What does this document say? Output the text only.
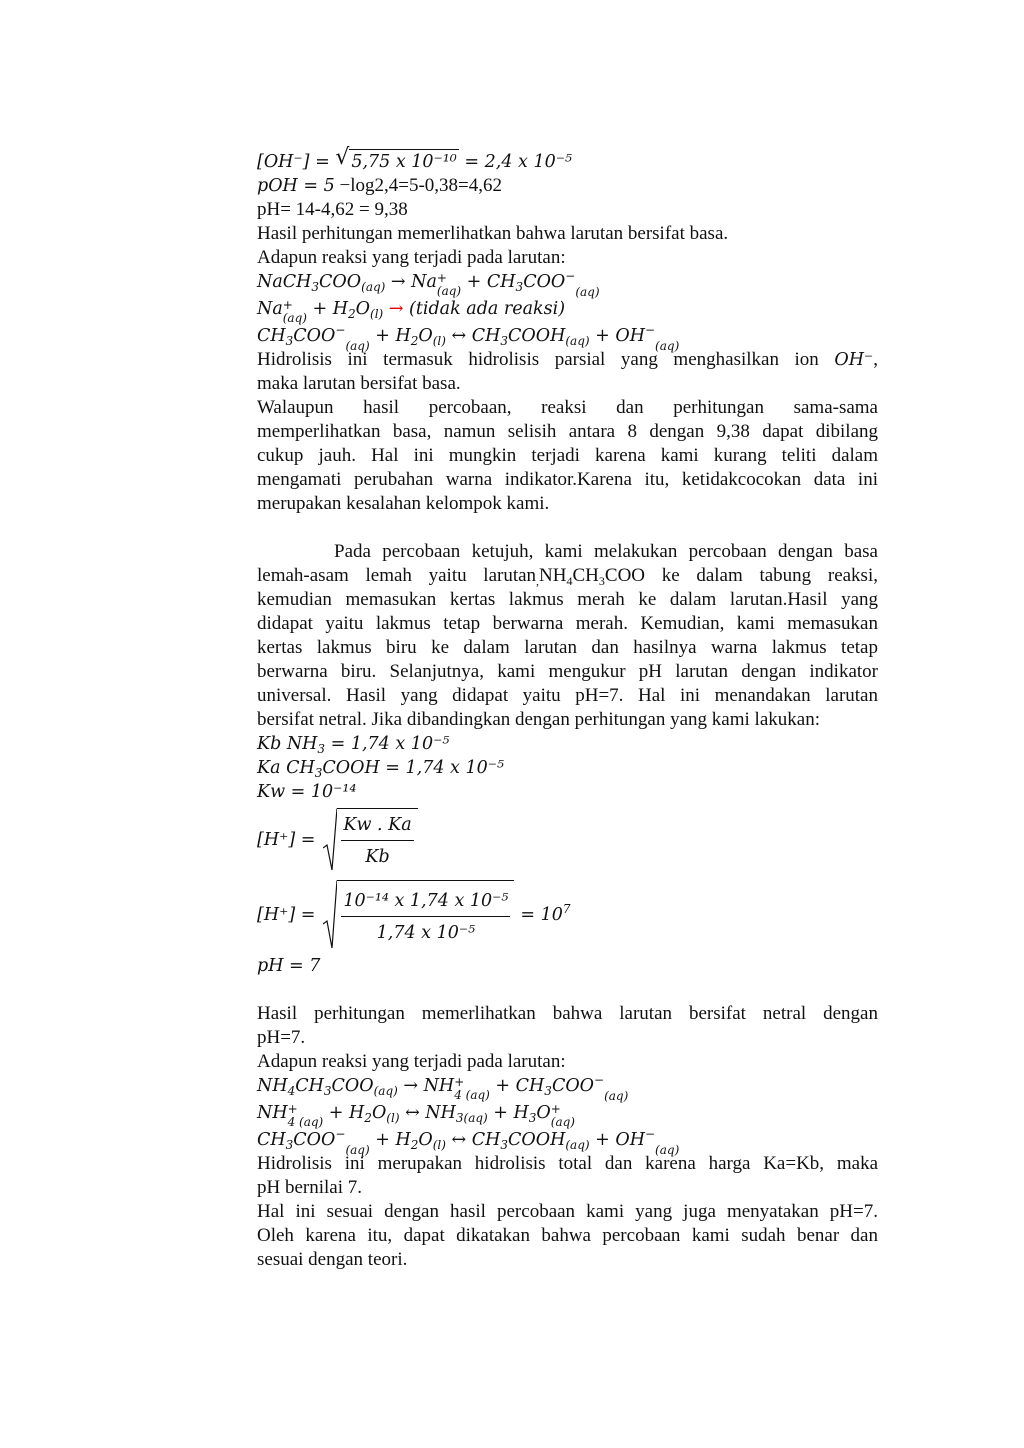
[OH⁻] = √ 5,75 x 10⁻¹⁰ = 2,4 x 10⁻⁵
pOH = 5 −log2,4=5-0,38=4,62
pH= 14-4,62 = 9,38
Hasil perhitungan memerlihatkan bahwa larutan bersifat basa.
Adapun reaksi yang terjadi pada larutan:
$NaCH_3COO_{(aq)} \to Na$ +
$(aq) + CH_3COO^-_{(aq)}$
Na +
$(aq) + H_2O_{(l)}$ → (tidak ada reaksi)
$CH_3COO^-_{(aq)} + H_2O_{(l)}$ ↔ $CH_3COOH_{(aq)} + OH^-_{(aq)}$
Hidrolisis ini termasuk hidrolisis parsial yang menghasilkan ion OH⁻,
maka larutan bersifat basa.
Walaupun hasil percobaan, reaksi dan perhitungan sama-sama
memperlihatkan basa, namun selisih antara 8 dengan 9,38 dapat dibilang
cukup jauh. Hal ini mungkin terjadi karena kami kurang teliti dalam
mengamati perubahan warna indikator.Karena itu, ketidakcocokan data ini
merupakan kesalahan kelompok kami.
Pada percobaan ketujuh, kami melakukan percobaan dengan basa
lemah-asam lemah yaitu $larutan_,NH_4CH_3COO$ ke dalam tabung reaksi,
kemudian memasukan kertas lakmus merah ke dalam larutan.Hasil yang
didapat yaitu lakmus tetap berwarna merah. Kemudian, kami memasukan
kertas lakmus biru ke dalam larutan dan hasilnya warna lakmus tetap
berwarna biru. Selanjutnya, kami mengukur pH larutan dengan indikator
universal. Hasil yang didapat yaitu pH=7. Hal ini menandakan larutan
bersifat netral. Jika dibandingkan dengan perhitungan yang kami lakukan:
Kb $NH_3 = 1,74$ x 10⁻⁵
Ka $CH_3COOH = 1,74$ x 10⁻⁵
Kw = 10⁻¹⁴
$[H^+] = \frac{Kw . Ka}{Kb}$
$[H^+] = \frac{\text{10⁻¹⁴ x 1,74 x 10⁻⁵}}{\text{1,74 x 10⁻⁵}} = 10^7$
pH = 7
Hasil perhitungan memerlihatkan bahwa larutan bersifat netral dengan
pH=7.
Adapun reaksi yang terjadi pada larutan:
$NH_4CH_3COO_{(aq)}$ → NH +
4 $(aq) + CH_3COO^-_{(aq)}$
NH +
4 $(aq) + H_2O_{(l)}$ ↔ $NH_{3(aq)} + H_3O$ +
(aq)
$CH_3COO^-_{(aq)} + H_2O_{(l)}$ ↔ $CH_3COOH_{(aq)} + OH^-_{(aq)}$
Hidrolisis ini merupakan hidrolisis total dan karena harga Ka=Kb, maka
pH bernilai 7.
Hal ini sesuai dengan hasil percobaan kami yang juga menyatakan pH=7.
Oleh karena itu, dapat dikatakan bahwa percobaan kami sudah benar dan
sesuai dengan teori.
